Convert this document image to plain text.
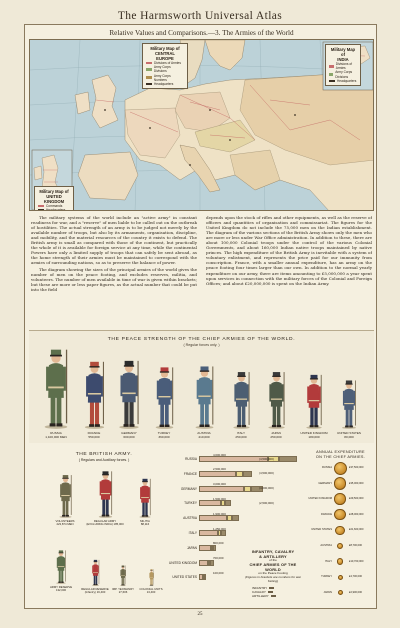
The Harmsworth Universal Atlas
Relative Values and Comparisons.—3. The Armies of the World
Military Map of
CENTRAL EUROPE
Divisions of Armies
Army Corps Divisions
Army Corps Numbers
Headquarters
Military Map of
INDIA
Divisions of Armies
Army Corps Divisions
Headquarters
Military Map of
UNITED KINGDOM
Commands
Headquarters

The military systems of the world include an "active army" in constant readiness for war, and a "reserve" of men liable to be called out on the outbreak of hostilities. The actual strength of an army is to be judged not merely by the available number of troops, but also by its armaments, organisation, discipline, and mobility, and the material resources of the country it exists to defend. The British army is small as compared with those of the continent, but practically the whole of it is available for foreign service at any time, while the continental Powers have only a limited supply of troops that can safely be sent abroad, as the home strength of their armies must be maintained to correspond with the armies of surrounding nations, so as to preserve the balance of power.

The diagram showing the sizes of the principal armies of the world gives the number of men on the peace footing, and excludes reserves, militia, and volunteers. The number of men available in time of war is given within brackets; but these are more or less paper figures, as the actual number that could be put into the field

depends upon the stock of rifles and other equipments, as well as the reserve of officers and quantities of organisation and commissariat. The figures for the United Kingdom do not include the 75,000 men on the Indian establishment. The diagram of the various sections of the British Army shows only the men who are more or less under War Office administration. In addition to these, there are about 100,000 Colonial troops under the control of the various Colonial Governments, and about 160,000 Indian native troops maintained by native princes. The high expenditure of the British Army is inevitable with a system of voluntary enlistment, and represents the price paid for our immunity from conscription. France, with a smaller annual expenditure, has an army on the peace footing four times larger than our own. In addition to the normal yearly expenditure on our army, there are items amounting to £5,000,000 a year spent upon services in connection with the military forces of the Colonial and Foreign Offices; and about £20,000,000 is spent on the Indian Army.

THE PEACE STRENGTH OF THE CHIEF ARMIES OF THE WORLD.
( Regular forces only. )
RUSSIA
1,100,000 MEN
FRANCE
550,000
GERMANY
600,000
TURKEY
360,000
AUSTRIA
410,000
ITALY
250,000
JAPAN
250,000
UNITED KINGDOM
180,000
UNITED STATES
80,000
THE BRITISH ARMY.
( Regulars and Auxiliary forces. )
VOLUNTEERS
223,874 MEN
REGULAR ARMY
(EXCLUDING INDIA) 185,000
MILITIA
88,116
ARMY RESERVE
132,000	REGULAR RESERVE
(Infantry) 16,400
IMP. YEOMANRY
27,606
COLONIAL UNITS
13,400
RUSSIA
4,600,000
(4,500,000)
FRANCE
2,500,000
(4,500,000)
GERMANY
3,000,000
(4,000,000)
TURKEY
1,500,000
(2,500,000)
AUSTRIA
1,900,000
ITALY
1,250,000
JAPAN
800,000
UNITED KINGDOM
700,000
UNITED STATES
100,000
INFANTRY, CAVALRY
& ARTILLERY
of the
CHIEF ARMIES OF THE WORLD
on the Peace Footing
(Figures in brackets are numbers for war footing)
INFANTRY
CAVALRY
ARTILLERY
ANNUAL EXPENDITURE
ON THE CHIEF ARMIES.
RUSSIA	£37,500,000
GERMANY	£35,000,000
UNITED KINGDOM	£29,500,000
FRANCE	£28,000,000
UNITED STATES	£21,600,000
AUSTRIA	£8,700,000
ITALY	£10,700,000
TURKEY	£4,700,000
JAPAN	£2,900,000
25
